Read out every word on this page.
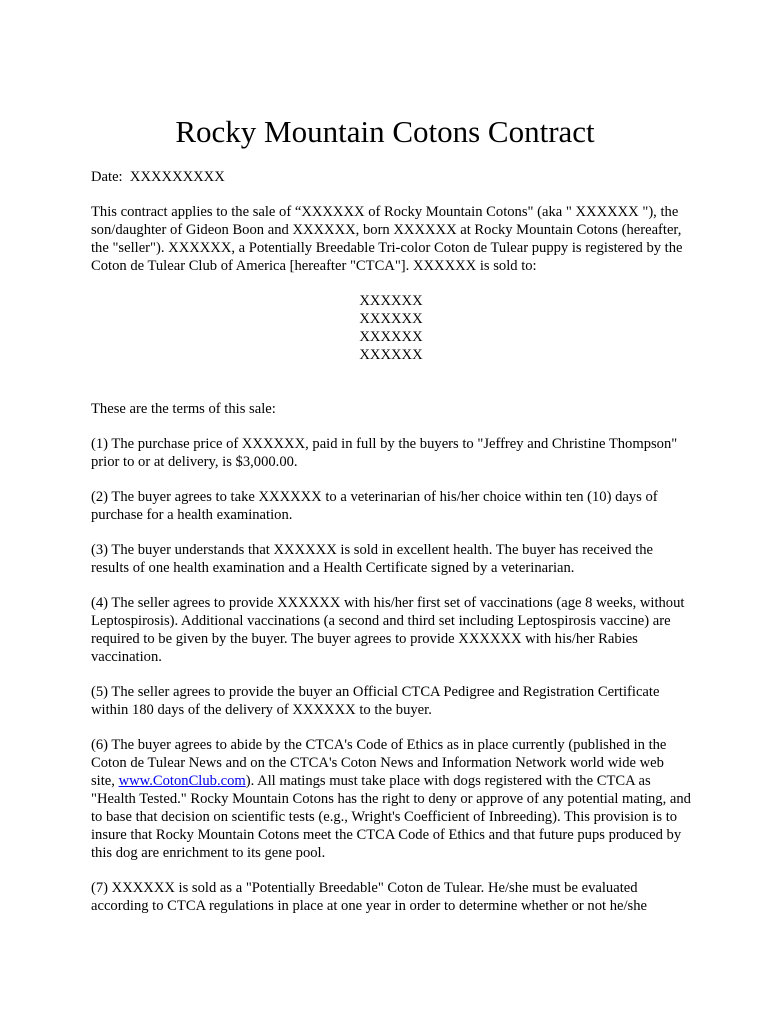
Rocky Mountain Cotons Contract

Date: XXXXXXXXX

This contract applies to the sale of “XXXXXX of Rocky Mountain Cotons" (aka " XXXXXX "), the son/daughter of Gideon Boon and XXXXXX, born XXXXXX at Rocky Mountain Cotons (hereafter, the "seller"). XXXXXX, a Potentially Breedable Tri-color Coton de Tulear puppy is registered by the Coton de Tulear Club of America [hereafter "CTCA"]. XXXXXX is sold to:

XXXXXX
XXXXXX
XXXXXX
XXXXXX

These are the terms of this sale:

(1) The purchase price of XXXXXX, paid in full by the buyers to "Jeffrey and Christine Thompson" prior to or at delivery, is $3,000.00.

(2) The buyer agrees to take XXXXXX to a veterinarian of his/her choice within ten (10) days of purchase for a health examination.

(3) The buyer understands that XXXXXX is sold in excellent health. The buyer has received the results of one health examination and a Health Certificate signed by a veterinarian.

(4) The seller agrees to provide XXXXXX with his/her first set of vaccinations (age 8 weeks, without Leptospirosis). Additional vaccinations (a second and third set including Leptospirosis vaccine) are required to be given by the buyer. The buyer agrees to provide XXXXXX with his/her Rabies vaccination.

(5) The seller agrees to provide the buyer an Official CTCA Pedigree and Registration Certificate within 180 days of the delivery of XXXXXX to the buyer.

(6) The buyer agrees to abide by the CTCA's Code of Ethics as in place currently (published in the Coton de Tulear News and on the CTCA's Coton News and Information Network world wide web site, www.CotonClub.com). All matings must take place with dogs registered with the CTCA as "Health Tested." Rocky Mountain Cotons has the right to deny or approve of any potential mating, and to base that decision on scientific tests (e.g., Wright's Coefficient of Inbreeding). This provision is to insure that Rocky Mountain Cotons meet the CTCA Code of Ethics and that future pups produced by this dog are enrichment to its gene pool.

(7) XXXXXX is sold as a "Potentially Breedable" Coton de Tulear. He/she must be evaluated according to CTCA regulations in place at one year in order to determine whether or not he/she
